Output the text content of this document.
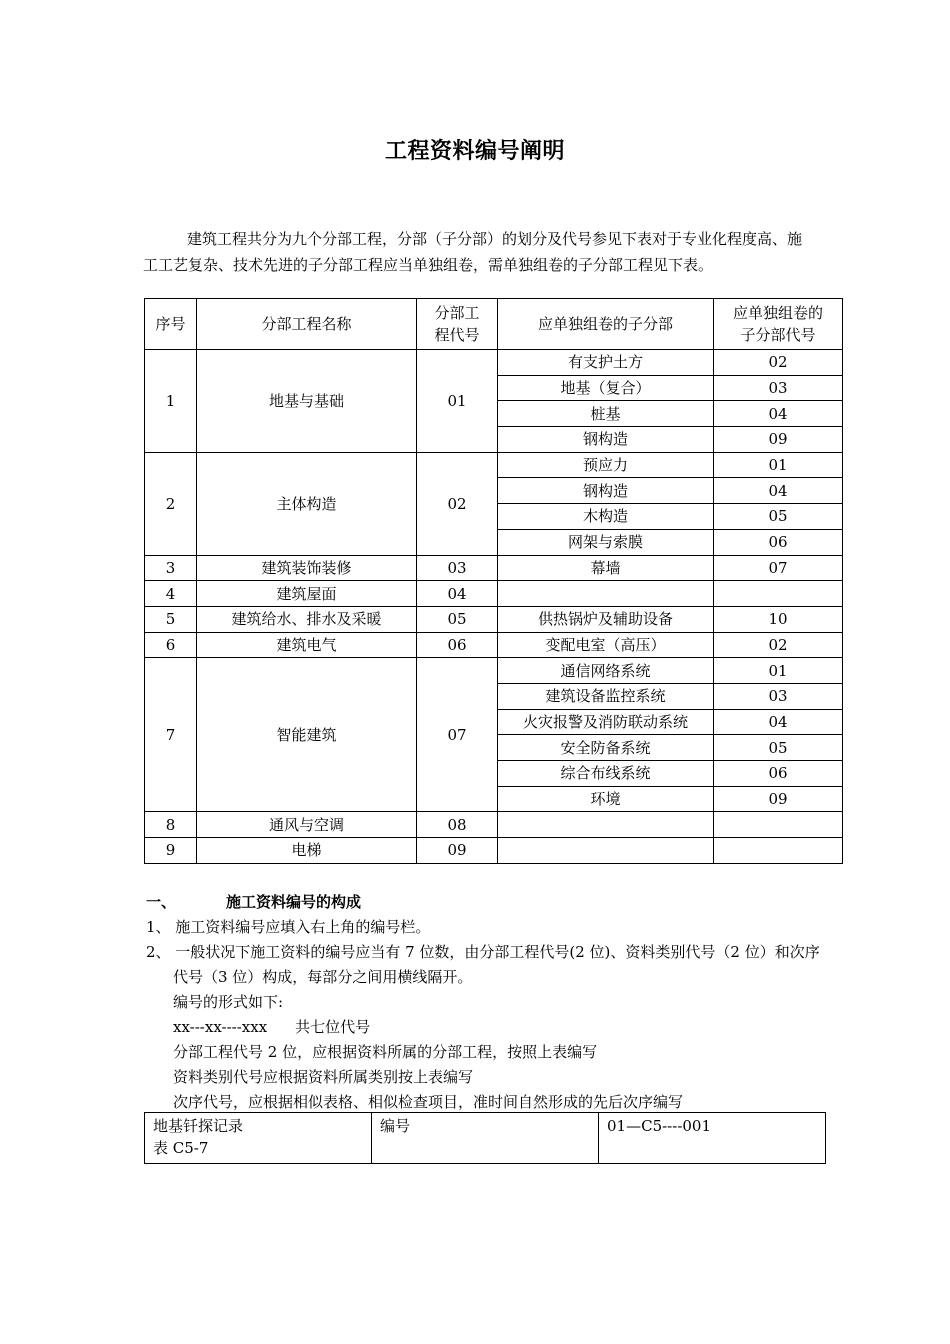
工程资料编号阐明
建筑工程共分为九个分部工程，分部（子分部）的划分及代号参见下表对于专业化程度高、施工工艺复杂、技术先进的子分部工程应当单独组卷，需单独组卷的子分部工程见下表。
序号	分部工程名称	分部工程代号	应单独组卷的子分部	应单独组卷的子分部代号
1	地基与基础	01	有支护土方	02
			地基（复合）	03
			桩基	04
			钢构造	09
2	主体构造	02	预应力	01
			钢构造	04
			木构造	05
			网架与索膜	06
3	建筑装饰装修	03	幕墙	07
4	建筑屋面	04		
5	建筑给水、排水及采暖	05	供热锅炉及辅助设备	10
6	建筑电气	06	变配电室（高压）	02
7	智能建筑	07	通信网络系统	01
			建筑设备监控系统	03
			火灾报警及消防联动系统	04
			安全防备系统	05
			综合布线系统	06
			环境	09
8	通风与空调	08		
9	电梯	09		
一、	施工资料编号的构成
1、 施工资料编号应填入右上角的编号栏。
2、 一般状况下施工资料的编号应当有 7 位数，由分部工程代号(2 位)、资料类别代号（2 位）和次序代号（3 位）构成，每部分之间用横线隔开。
编号的形式如下:
xx---xx----xxx 共七位代号
分部工程代号 2 位，应根据资料所属的分部工程，按照上表编写
资料类别代号应根据资料所属类别按上表编写
次序代号，应根据相似表格、相似检查项目，准时间自然形成的先后次序编写
地基钎探记录
表 C5-7
	编号	01—C5----001
